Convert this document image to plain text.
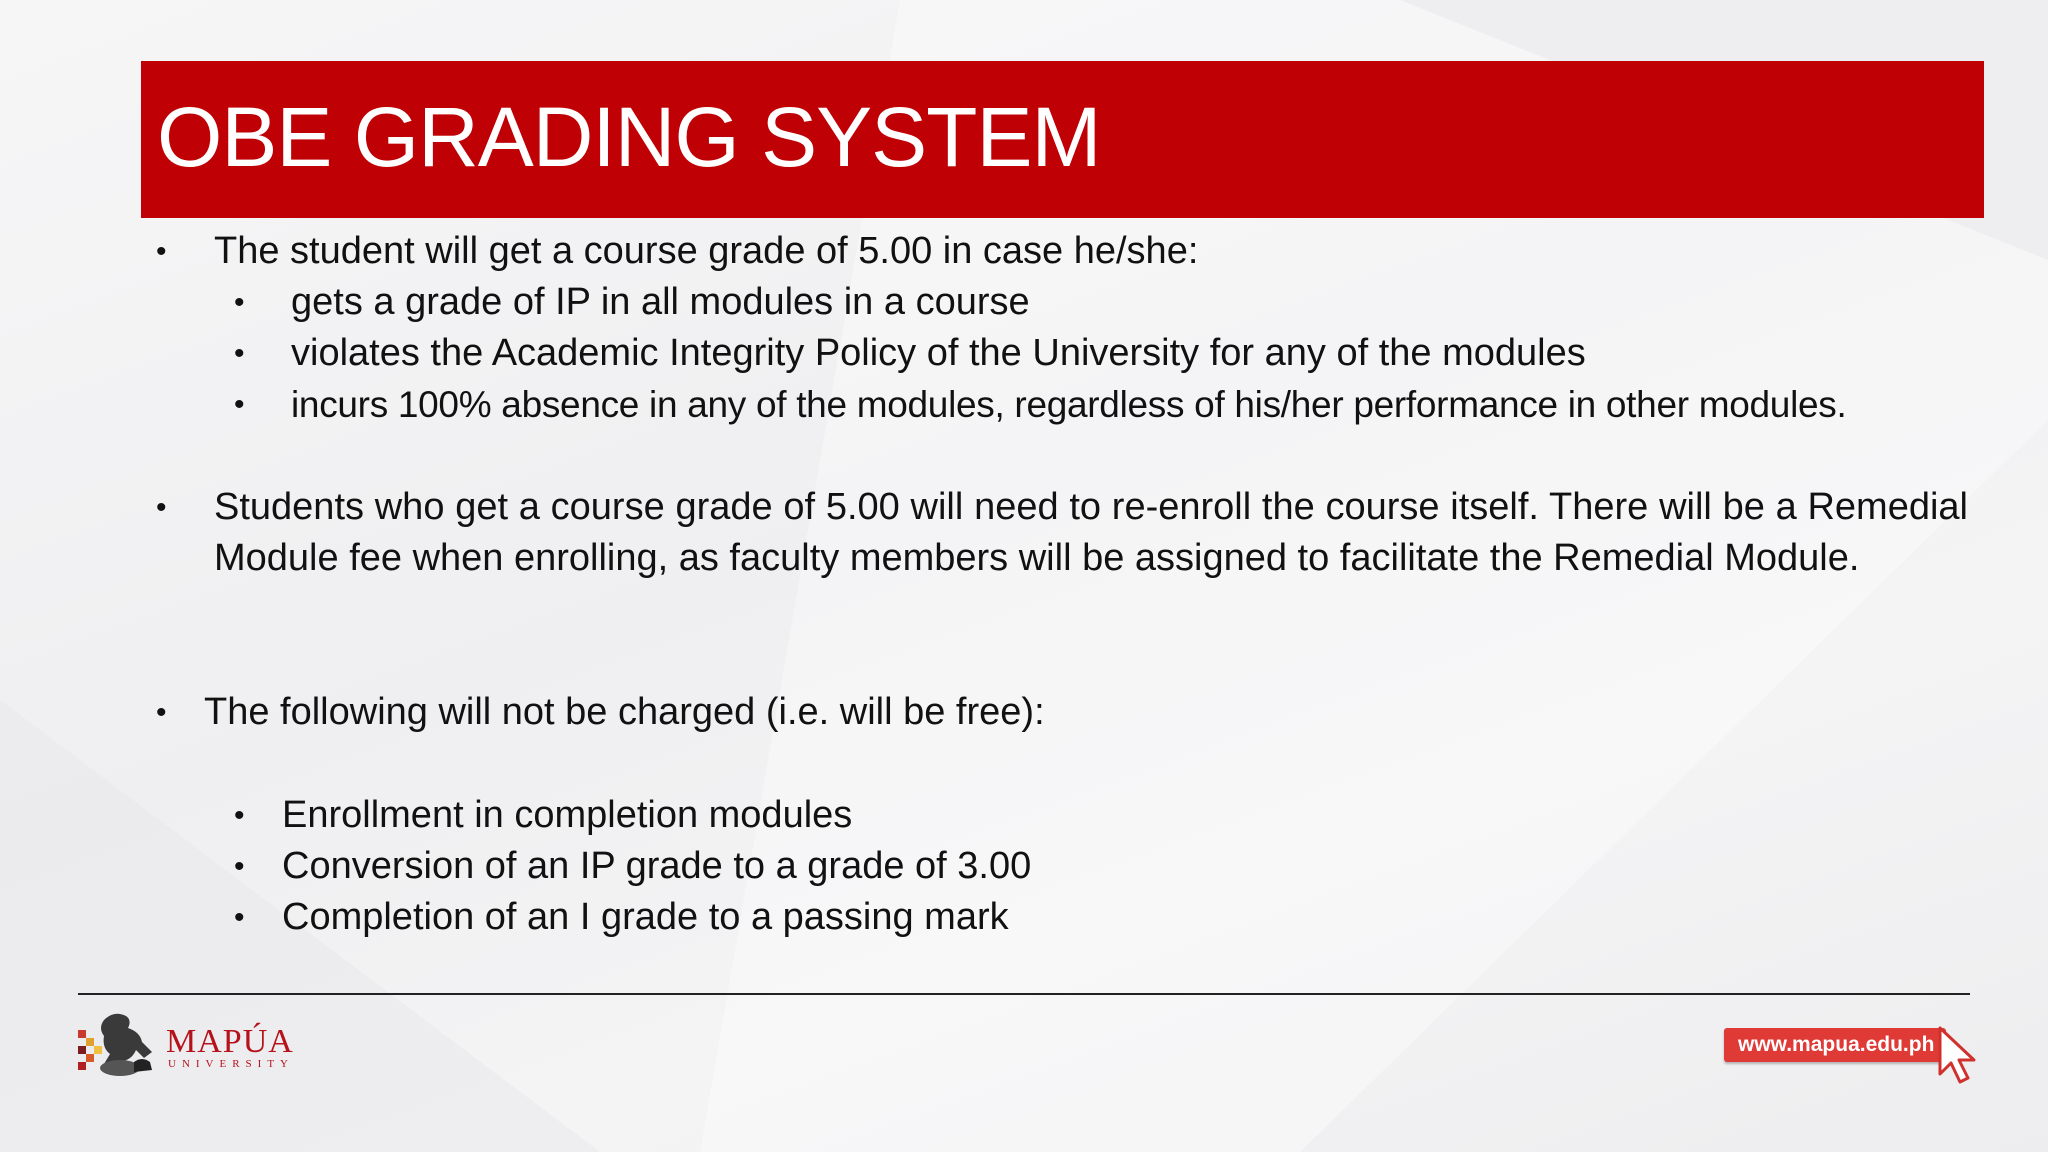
OBE GRADING SYSTEM
• The student will get a course grade of 5.00 in case he/she:
• gets a grade of IP in all modules in a course
• violates the Academic Integrity Policy of the University for any of the modules
• incurs 100% absence in any of the modules, regardless of his/her performance in other modules.
• Students who get a course grade of 5.00 will need to re-enroll the course itself. There will be a Remedial Module fee when enrolling, as faculty members will be assigned to facilitate the Remedial Module.
• The following will not be charged (i.e. will be free):
• Enrollment in completion modules
• Conversion of an IP grade to a grade of 3.00
• Completion of an I grade to a passing mark
MAPÚA
UNIVERSITY
www.mapua.edu.ph
